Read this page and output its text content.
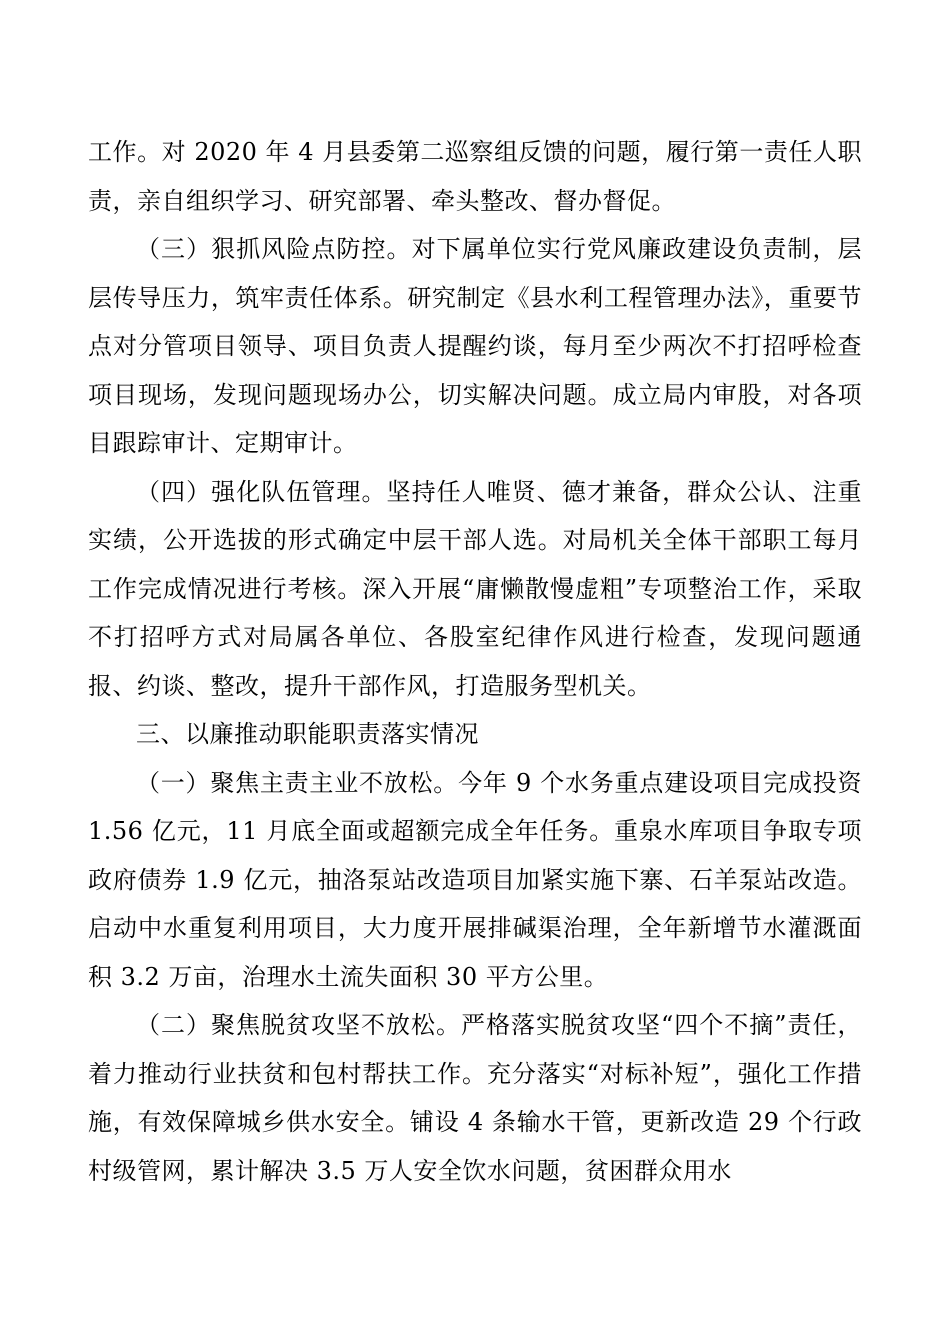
工作。对 2020 年 4 月县委第二巡察组反馈的问题，履行第一责任人职责，亲自组织学习、研究部署、牵头整改、督办督促。

（三）狠抓风险点防控。对下属单位实行党风廉政建设负责制，层层传导压力，筑牢责任体系。研究制定《县水利工程管理办法》，重要节点对分管项目领导、项目负责人提醒约谈，每月至少两次不打招呼检查项目现场，发现问题现场办公，切实解决问题。成立局内审股，对各项目跟踪审计、定期审计。

（四）强化队伍管理。坚持任人唯贤、德才兼备，群众公认、注重实绩，公开选拔的形式确定中层干部人选。对局机关全体干部职工每月工作完成情况进行考核。深入开展“庸懒散慢虚粗”专项整治工作，采取不打招呼方式对局属各单位、各股室纪律作风进行检查，发现问题通报、约谈、整改，提升干部作风，打造服务型机关。

三、以廉推动职能职责落实情况

（一）聚焦主责主业不放松。今年 9 个水务重点建设项目完成投资 1.56 亿元，11 月底全面或超额完成全年任务。重泉水库项目争取专项政府债券 1.9 亿元，抽洛泵站改造项目加紧实施下寨、石羊泵站改造。启动中水重复利用项目，大力度开展排碱渠治理，全年新增节水灌溉面积 3.2 万亩，治理水土流失面积 30 平方公里。

（二）聚焦脱贫攻坚不放松。严格落实脱贫攻坚“四个不摘”责任，着力推动行业扶贫和包村帮扶工作。充分落实“对标补短”，强化工作措施，有效保障城乡供水安全。铺设 4 条输水干管，更新改造 29 个行政村级管网，累计解决 3.5 万人安全饮水问题，贫困群众用水
